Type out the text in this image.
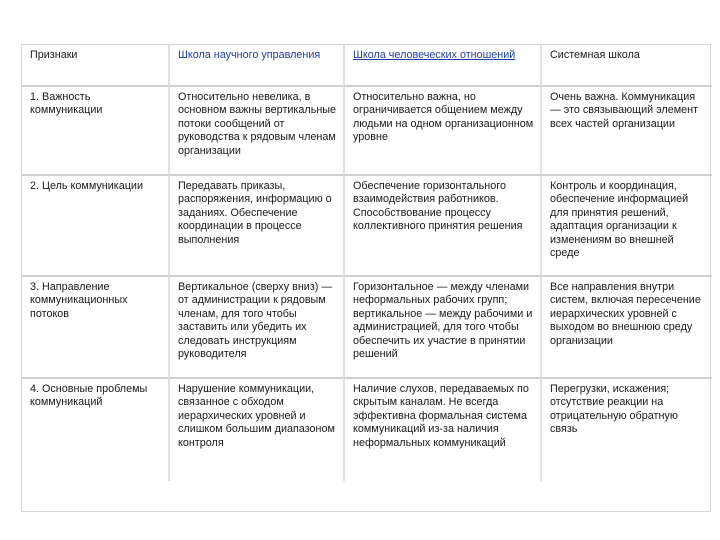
Признаки	Школа научного управления	Школа человеческих отношений	Системная школа
1. Важность коммуникации	Относительно невелика, в основном важны вертикальные потоки сообщений от руководства к рядовым членам организации	Относительно важна, но ограничивается общением между людьми на одном организационном уровне	Очень важна. Коммуникация — это связывающий элемент всех частей организации
2. Цель коммуникации	Передавать приказы, распоряжения, информацию о заданиях. Обеспечение координации в процессе выполнения	Обеспечение горизонтального взаимодействия работников. Способствование процессу коллективного принятия решения	Контроль и координация, обеспечение информацией для принятия решений, адаптация организации к изменениям во внешней среде
3. Направление коммуникационных потоков	Вертикальное (сверху вниз) — от администрации к рядовым членам, для того чтобы заставить или убедить их следовать инструкциям руководителя	Горизонтальное — между членами неформальных рабочих групп; вертикальное — между рабочими и администрацией, для того чтобы обеспечить их участие в принятии решений	Все направления внутри систем, включая пересечение иерархических уровней с выходом во внешнюю среду организации
4. Основные проблемы коммуникаций	Нарушение коммуникации, связанное с обходом иерархических уровней и слишком большим диапазоном контроля	Наличие слухов, передаваемых по скрытым каналам. Не всегда эффективна формальная система коммуникаций из-за наличия неформальных коммуникаций	Перегрузки, искажения; отсутствие реакции на отрицательную обратную связь
